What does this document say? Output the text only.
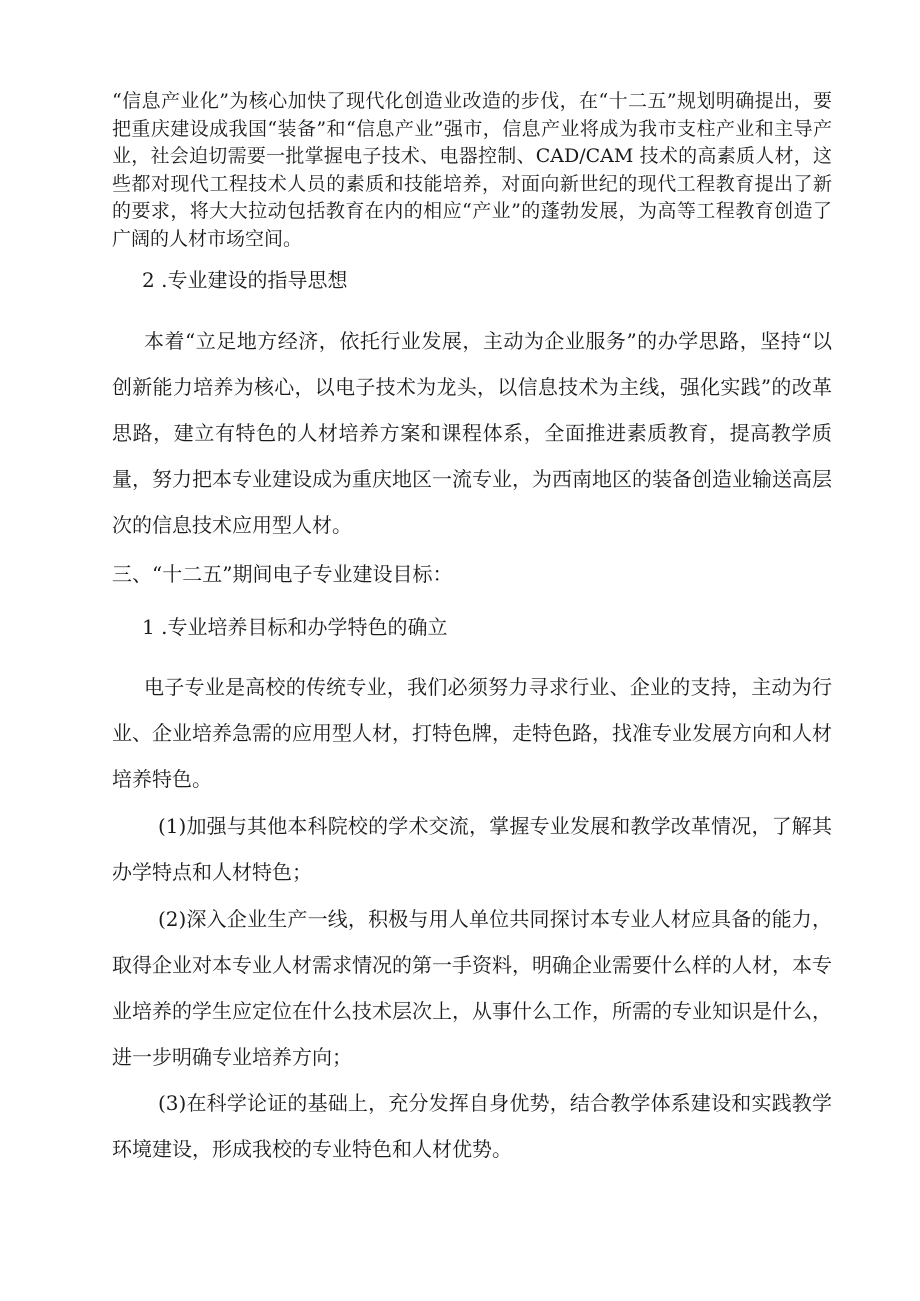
“信息产业化”为核心加快了现代化创造业改造的步伐，在“十二五”规划明确提出，要把重庆建设成我国“装备”和“信息产业”强市，信息产业将成为我市支柱产业和主导产业，社会迫切需要一批掌握电子技术、电器控制、CAD/CAM 技术的高素质人材，这些都对现代工程技术人员的素质和技能培养，对面向新世纪的现代工程教育提出了新的要求，将大大拉动包括教育在内的相应“产业”的蓬勃发展，为高等工程教育创造了广阔的人材市场空间。

2 .专业建设的指导思想

本着“立足地方经济，依托行业发展，主动为企业服务”的办学思路，坚持“以创新能力培养为核心，以电子技术为龙头，以信息技术为主线，强化实践”的改革思路，建立有特色的人材培养方案和课程体系，全面推进素质教育，提高教学质量，努力把本专业建设成为重庆地区一流专业，为西南地区的装备创造业输送高层次的信息技术应用型人材。

三、“十二五”期间电子专业建设目标：
1 .专业培养目标和办学特色的确立

电子专业是高校的传统专业，我们必须努力寻求行业、企业的支持，主动为行业、企业培养急需的应用型人材，打特色牌，走特色路，找准专业发展方向和人材培养特色。

(1)加强与其他本科院校的学术交流，掌握专业发展和教学改革情况，了解其办学特点和人材特色；

(2)深入企业生产一线，积极与用人单位共同探讨本专业人材应具备的能力，取得企业对本专业人材需求情况的第一手资料，明确企业需要什么样的人材，本专业培养的学生应定位在什么技术层次上，从事什么工作，所需的专业知识是什么，进一步明确专业培养方向；

(3)在科学论证的基础上，充分发挥自身优势，结合教学体系建设和实践教学环境建设，形成我校的专业特色和人材优势。
